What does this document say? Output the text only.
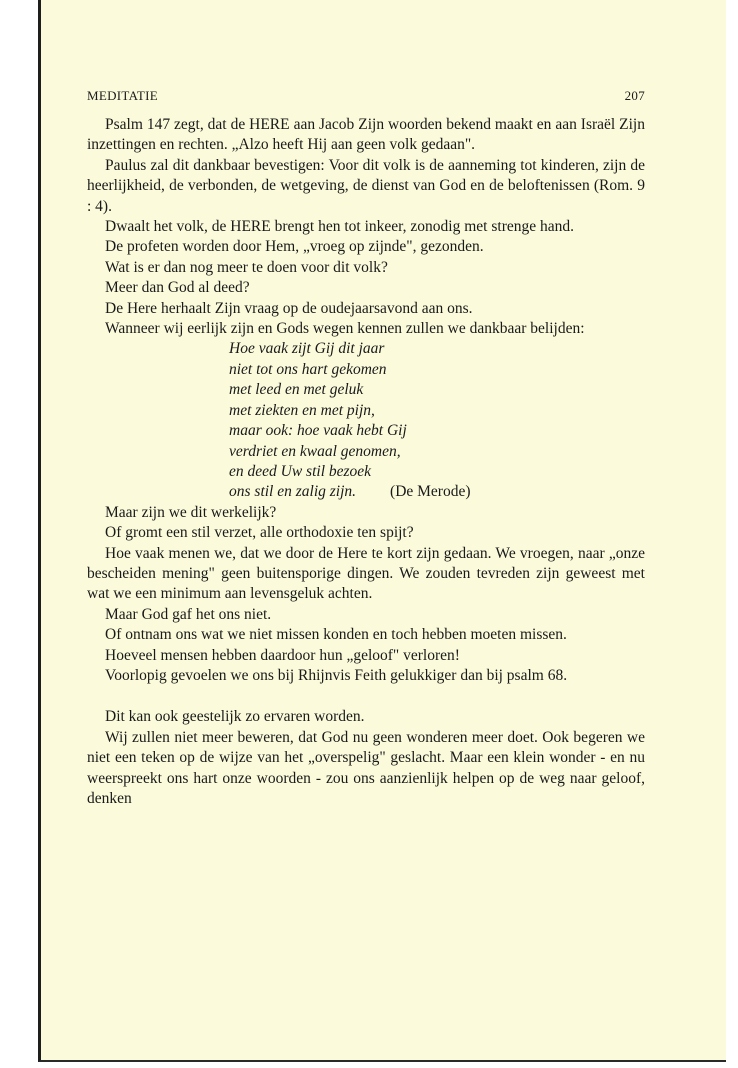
MEDITATIE	207

Psalm 147 zegt, dat de HERE aan Jacob Zijn woorden bekend maakt en aan Israël Zijn inzettingen en rechten. „Alzo heeft Hij aan geen volk gedaan".

Paulus zal dit dankbaar bevestigen: Voor dit volk is de aanneming tot kinderen, zijn de heerlijkheid, de verbonden, de wetgeving, de dienst van God en de beloftenissen (Rom. 9 : 4).

Dwaalt het volk, de HERE brengt hen tot inkeer, zonodig met strenge hand.

De profeten worden door Hem, „vroeg op zijnde", gezonden.

Wat is er dan nog meer te doen voor dit volk?

Meer dan God al deed?

De Here herhaalt Zijn vraag op de oudejaarsavond aan ons.

Wanneer wij eerlijk zijn en Gods wegen kennen zullen we dankbaar belijden:

Hoe vaak zijt Gij dit jaar
niet tot ons hart gekomen
met leed en met geluk
met ziekten en met pijn,
maar ook: hoe vaak hebt Gij
verdriet en kwaal genomen,
en deed Uw stil bezoek
ons stil en zalig zijn. (De Merode)

Maar zijn we dit werkelijk?

Of gromt een stil verzet, alle orthodoxie ten spijt?

Hoe vaak menen we, dat we door de Here te kort zijn gedaan. We vroegen, naar „onze bescheiden mening" geen buitensporige dingen. We zouden tevreden zijn geweest met wat we een minimum aan levensgeluk achten.

Maar God gaf het ons niet.

Of ontnam ons wat we niet missen konden en toch hebben moeten missen.

Hoeveel mensen hebben daardoor hun „geloof" verloren!

Voorlopig gevoelen we ons bij Rhijnvis Feith gelukkiger dan bij psalm 68.

Dit kan ook geestelijk zo ervaren worden.

Wij zullen niet meer beweren, dat God nu geen wonderen meer doet. Ook begeren we niet een teken op de wijze van het „overspelig" geslacht. Maar een klein wonder - en nu weerspreekt ons hart onze woorden - zou ons aanzienlijk helpen op de weg naar geloof, denken
